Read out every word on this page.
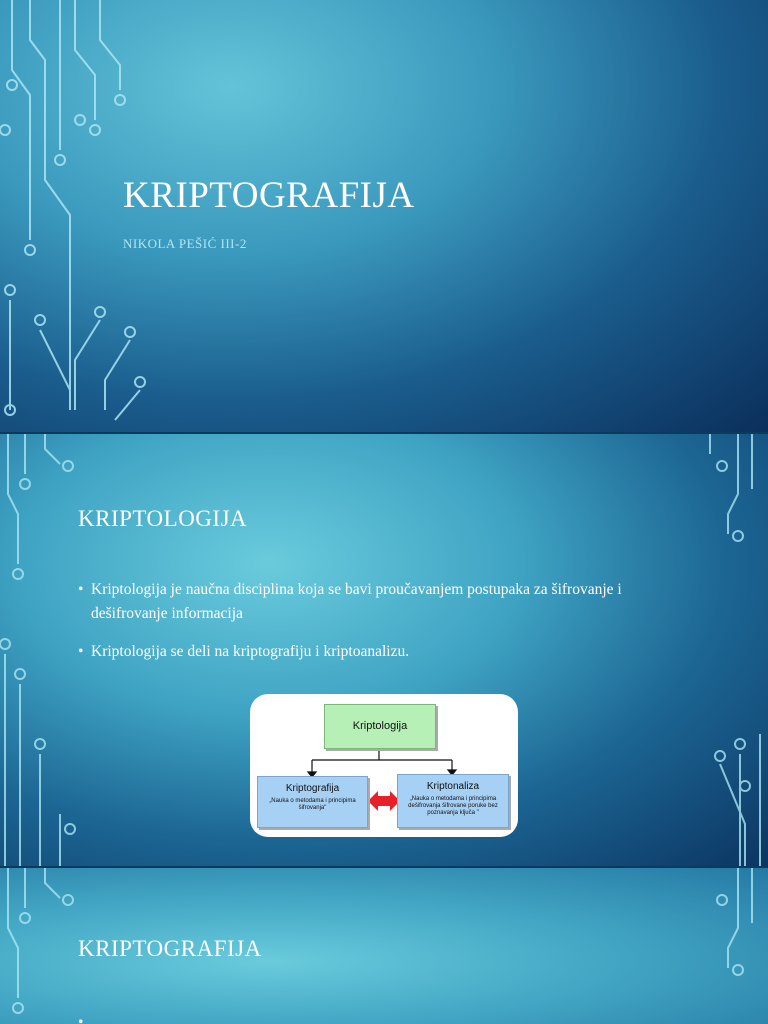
KRIPTOGRAFIJA
NIKOLA PEŠIĆ III-2
KRIPTOLOGIJA
• Kriptologija je naučna disciplina koja se bavi proučavanjem postupaka za šifrovanje i dešifrovanje informacija
• Kriptologija se deli na kriptografiju i kriptoanalizu.
Kriptologija
Kriptografija
„Nauka o metodama i principima šifrovanja"
Kriptonaliza
„Nauka o metodama i principima dešifrovanja šifrovane poruke bez poznavanja ključa "
KRIPTOGRAFIJA
•
